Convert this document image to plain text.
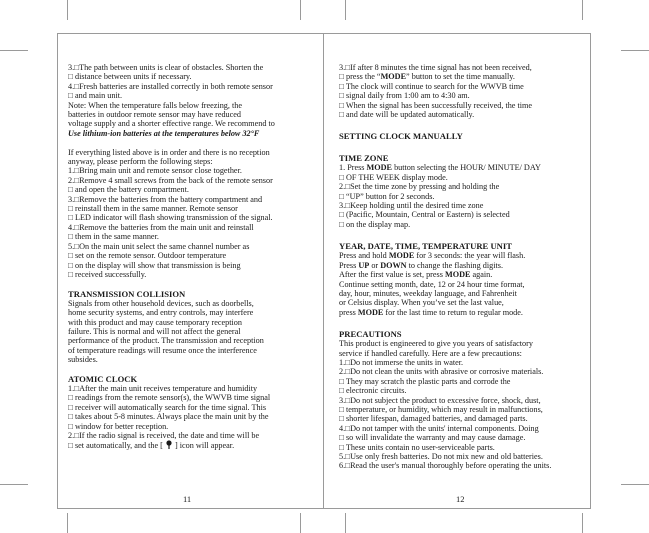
3.□The path between units is clear of obstacles. Shorten the
□ distance between units if necessary.
4.□Fresh batteries are installed correctly in both remote sensor
□ and main unit.
Note: When the temperature falls below freezing, the
batteries in outdoor remote sensor may have reduced
voltage supply and a shorter effective range. We recommend to
Use lithium-ion batteries at the temperatures below 32°F
If everything listed above is in order and there is no reception
anyway, please perform the following steps:
1.□Bring main unit and remote sensor close together.
2.□Remove 4 small screws from the back of the remote sensor
□ and open the battery compartment.
3.□Remove the batteries from the battery compartment and
□ reinstall them in the same manner. Remote sensor
□ LED indicator will flash showing transmission of the signal.
4.□Remove the batteries from the main unit and reinstall
□ them in the same manner.
5.□On the main unit select the same channel number as
□ set on the remote sensor. Outdoor temperature
□ on the display will show that transmission is being
□ received successfully.
TRANSMISSION COLLISION
Signals from other household devices, such as doorbells,
home security systems, and entry controls, may interfere
with this product and may cause temporary reception
failure. This is normal and will not affect the general
performance of the product. The transmission and reception
of temperature readings will resume once the interference
subsides.
ATOMIC CLOCK
1.□After the main unit receives temperature and humidity
□ readings from the remote sensor(s), the WWVB time signal
□ receiver will automatically search for the time signal. This
□ takes about 5-8 minutes. Always place the main unit by the
□ window for better reception.
2.□If the radio signal is received, the date and time will be
□ set automatically, and the [  ] icon will appear.
11
3.□If after 8 minutes the time signal has not been received,
□ press the “MODE” button to set the time manually.
□ The clock will continue to search for the WWVB time
□ signal daily from 1:00 am to 4:30 am.
□ When the signal has been successfully received, the time
□ and date will be updated automatically.
SETTING CLOCK MANUALLY
TIME ZONE
1. Press MODE button selecting the HOUR/ MINUTE/ DAY
□ OF THE WEEK display mode.
2.□Set the time zone by pressing and holding the
□ “UP” button for 2 seconds.
3.□Keep holding until the desired time zone
□ (Pacific, Mountain, Central or Eastern) is selected
□ on the display map.
YEAR, DATE, TIME, TEMPERATURE UNIT
Press and hold MODE for 3 seconds: the year will flash.
Press UP or DOWN to change the flashing digits.
After the first value is set, press MODE again.
Continue setting month, date, 12 or 24 hour time format,
day, hour, minutes, weekday language, and Fahrenheit
or Celsius display. When you’ve set the last value,
press MODE for the last time to return to regular mode.
PRECAUTIONS
This product is engineered to give you years of satisfactory
service if handled carefully. Here are a few precautions:
1.□Do not immerse the units in water.
2.□Do not clean the units with abrasive or corrosive materials.
□ They may scratch the plastic parts and corrode the
□ electronic circuits.
3.□Do not subject the product to excessive force, shock, dust,
□ temperature, or humidity, which may result in malfunctions,
□ shorter lifespan, damaged batteries, and damaged parts.
4.□Do not tamper with the units' internal components. Doing
□ so will invalidate the warranty and may cause damage.
□ These units contain no user-serviceable parts.
5.□Use only fresh batteries. Do not mix new and old batteries.
6.□Read the user's manual thoroughly before operating the units.
12
